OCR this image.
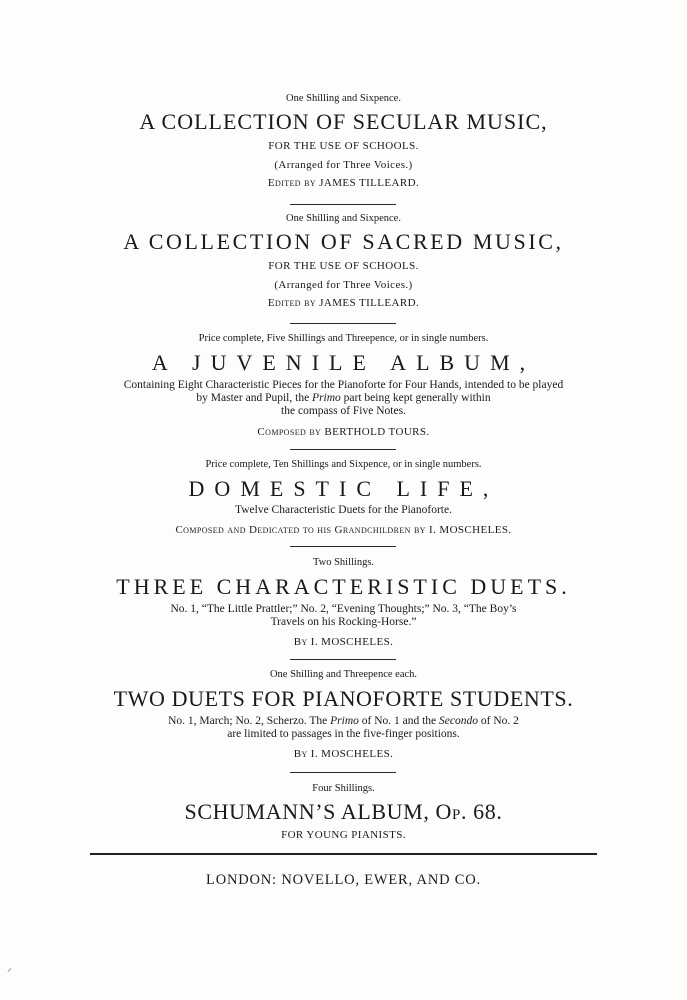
One Shilling and Sixpence.
A COLLECTION OF SECULAR MUSIC,
FOR THE USE OF SCHOOLS.
(Arranged for Three Voices.)
Edited by JAMES TILLEARD.
One Shilling and Sixpence.
A COLLECTION OF SACRED MUSIC,
FOR THE USE OF SCHOOLS.
(Arranged for Three Voices.)
Edited by JAMES TILLEARD.
Price complete, Five Shillings and Threepence, or in single numbers.
A JUVENILE ALBUM,
Containing Eight Characteristic Pieces for the Pianoforte for Four Hands, intended to be played
by Master and Pupil, the Primo part being kept generally within
the compass of Five Notes.
Composed by BERTHOLD TOURS.
Price complete, Ten Shillings and Sixpence, or in single numbers.
DOMESTIC LIFE,
Twelve Characteristic Duets for the Pianoforte.
Composed and Dedicated to his Grandchildren by I. MOSCHELES.
Two Shillings.
THREE CHARACTERISTIC DUETS.
No. 1, “The Little Prattler;” No. 2, “Evening Thoughts;” No. 3, “The Boy’s
Travels on his Rocking-Horse.”
By I. MOSCHELES.
One Shilling and Threepence each.
TWO DUETS FOR PIANOFORTE STUDENTS.
No. 1, March; No. 2, Scherzo. The Primo of No. 1 and the Secondo of No. 2
are limited to passages in the five-finger positions.
By I. MOSCHELES.
Four Shillings.
SCHUMANN’S ALBUM, Op. 68.
FOR YOUNG PIANISTS.
LONDON: NOVELLO, EWER, AND CO.
⸝
